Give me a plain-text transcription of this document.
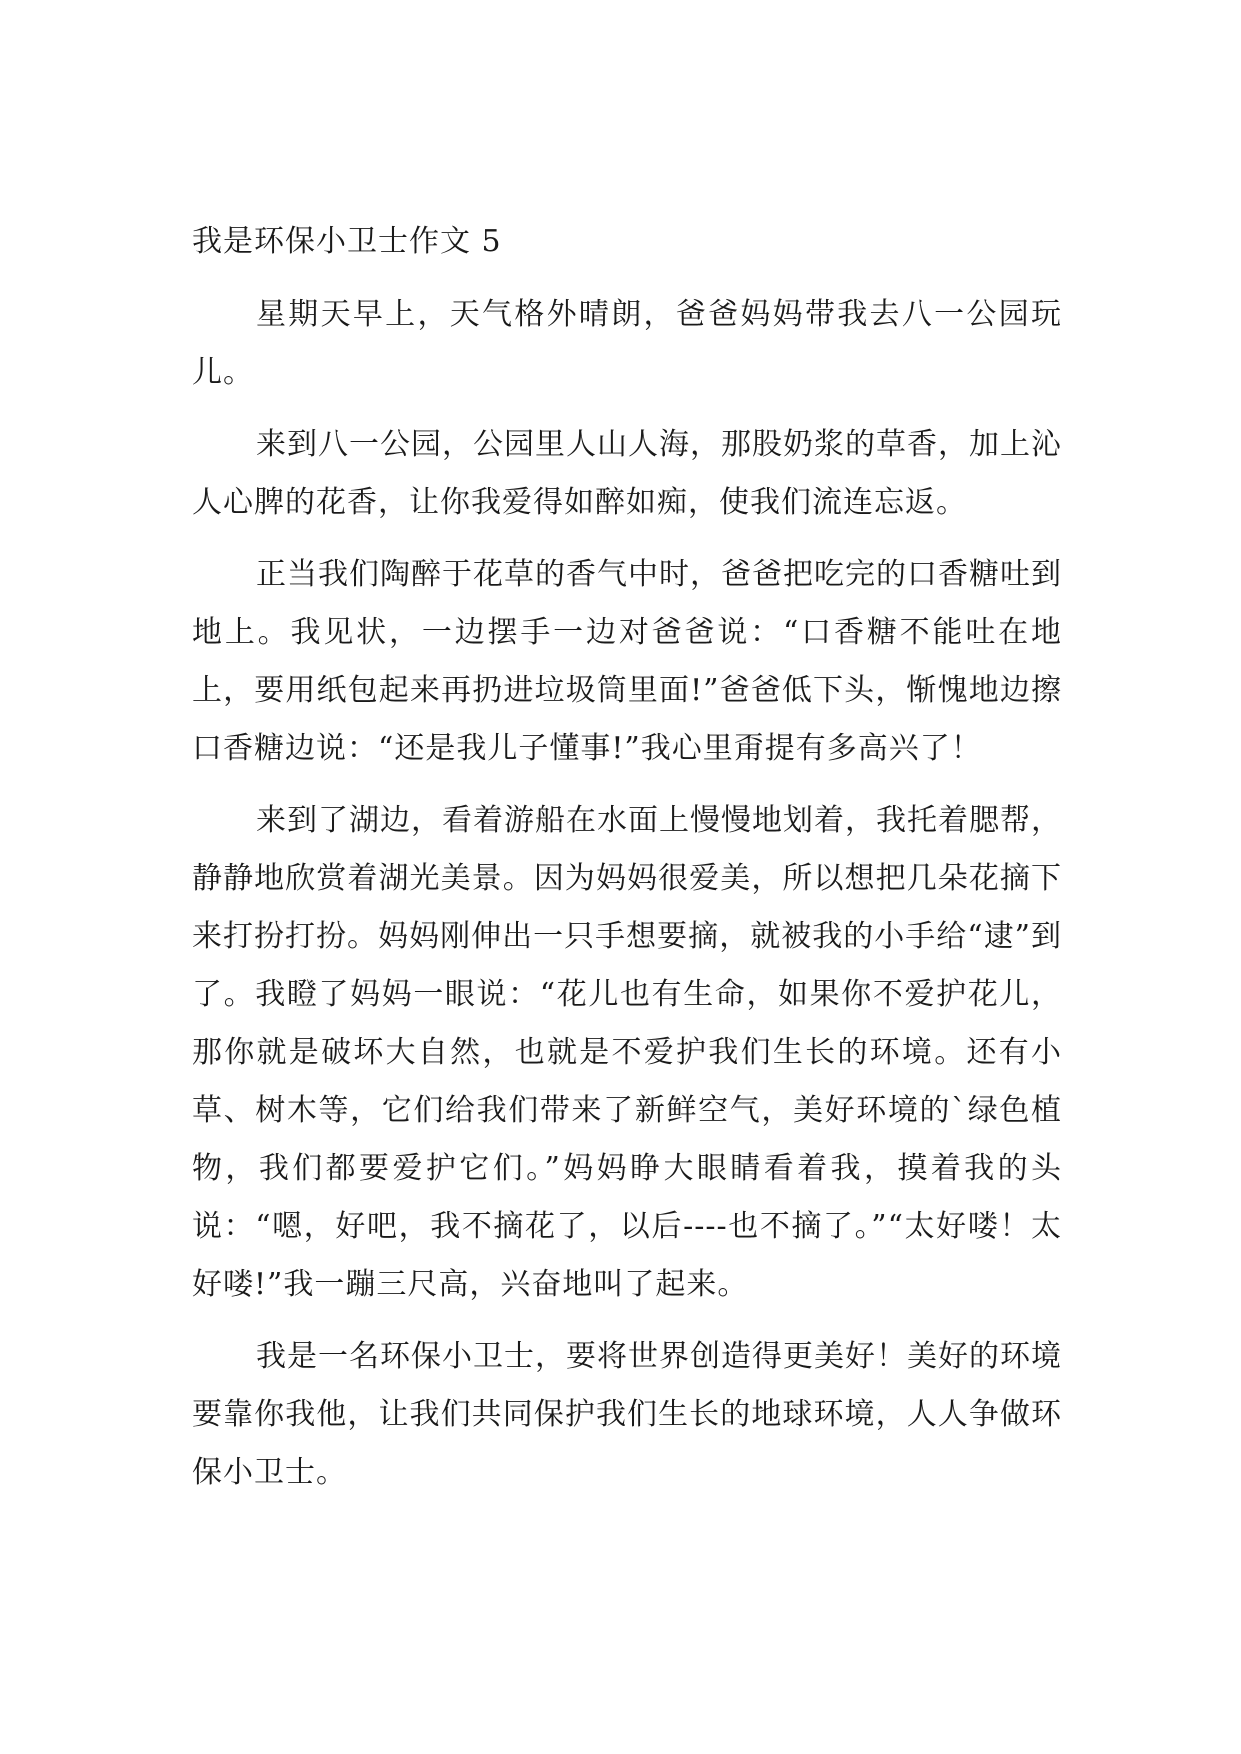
我是环保小卫士作文 5

星期天早上，天气格外晴朗，爸爸妈妈带我去八一公园玩儿。

来到八一公园，公园里人山人海，那股奶浆的草香，加上沁人心脾的花香，让你我爱得如醉如痴，使我们流连忘返。

正当我们陶醉于花草的香气中时，爸爸把吃完的口香糖吐到地上。我见状，一边摆手一边对爸爸说：“口香糖不能吐在地上，要用纸包起来再扔进垃圾筒里面!”爸爸低下头，惭愧地边擦口香糖边说：“还是我儿子懂事!”我心里甭提有多高兴了！

来到了湖边，看着游船在水面上慢慢地划着，我托着腮帮，静静地欣赏着湖光美景。因为妈妈很爱美，所以想把几朵花摘下来打扮打扮。妈妈刚伸出一只手想要摘，就被我的小手给“逮”到了。我瞪了妈妈一眼说：“花儿也有生命，如果你不爱护花儿，那你就是破坏大自然，也就是不爱护我们生长的环境。还有小草、树木等，它们给我们带来了新鲜空气，美好环境的`绿色植物，我们都要爱护它们。”妈妈睁大眼睛看着我，摸着我的头说：“嗯，好吧，我不摘花了，以后----也不摘了。”“太好喽！太好喽!”我一蹦三尺高，兴奋地叫了起来。

我是一名环保小卫士，要将世界创造得更美好！美好的环境要靠你我他，让我们共同保护我们生长的地球环境，人人争做环保小卫士。
